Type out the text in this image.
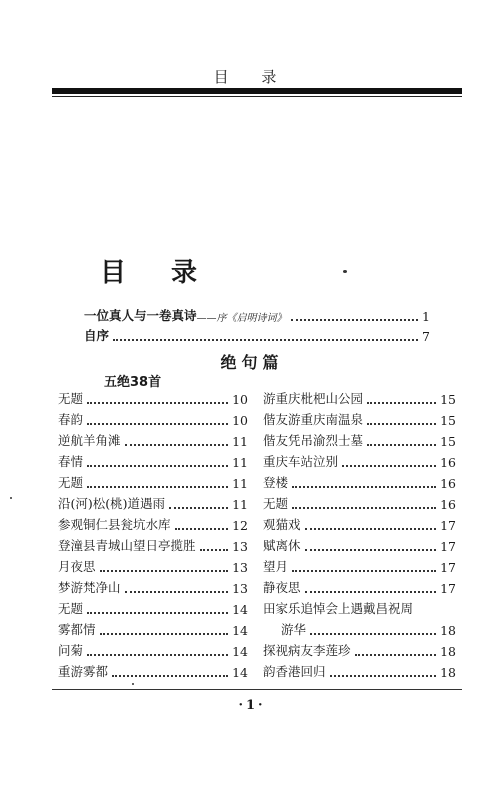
目 录
目 录
一位真人与一卷真诗 ——序《启明诗词》	1
自序	7
绝句篇
五绝38首
无题	10
春韵	10
逆航羊角滩	11
春情	11
无题	11
沿(河)松(桃)道遇雨	11
参观铜仁县瓮坑水库	12
登潼县青城山望日亭揽胜	13
月夜思	13
梦游梵净山	13
无题	14
雾都情	14
问菊	14
重游雾都	14
游重庆枇杷山公园	15
偕友游重庆南温泉	15
偕友凭吊渝烈士墓	15
重庆车站泣别	16
登楼	16
无题	16
观猫戏	17
赋离休	17
望月	17
静夜思	17
田家乐追悼会上遇戴昌祝周
游华	18
探视病友李莲珍	18
韵香港回归	18
·1·
